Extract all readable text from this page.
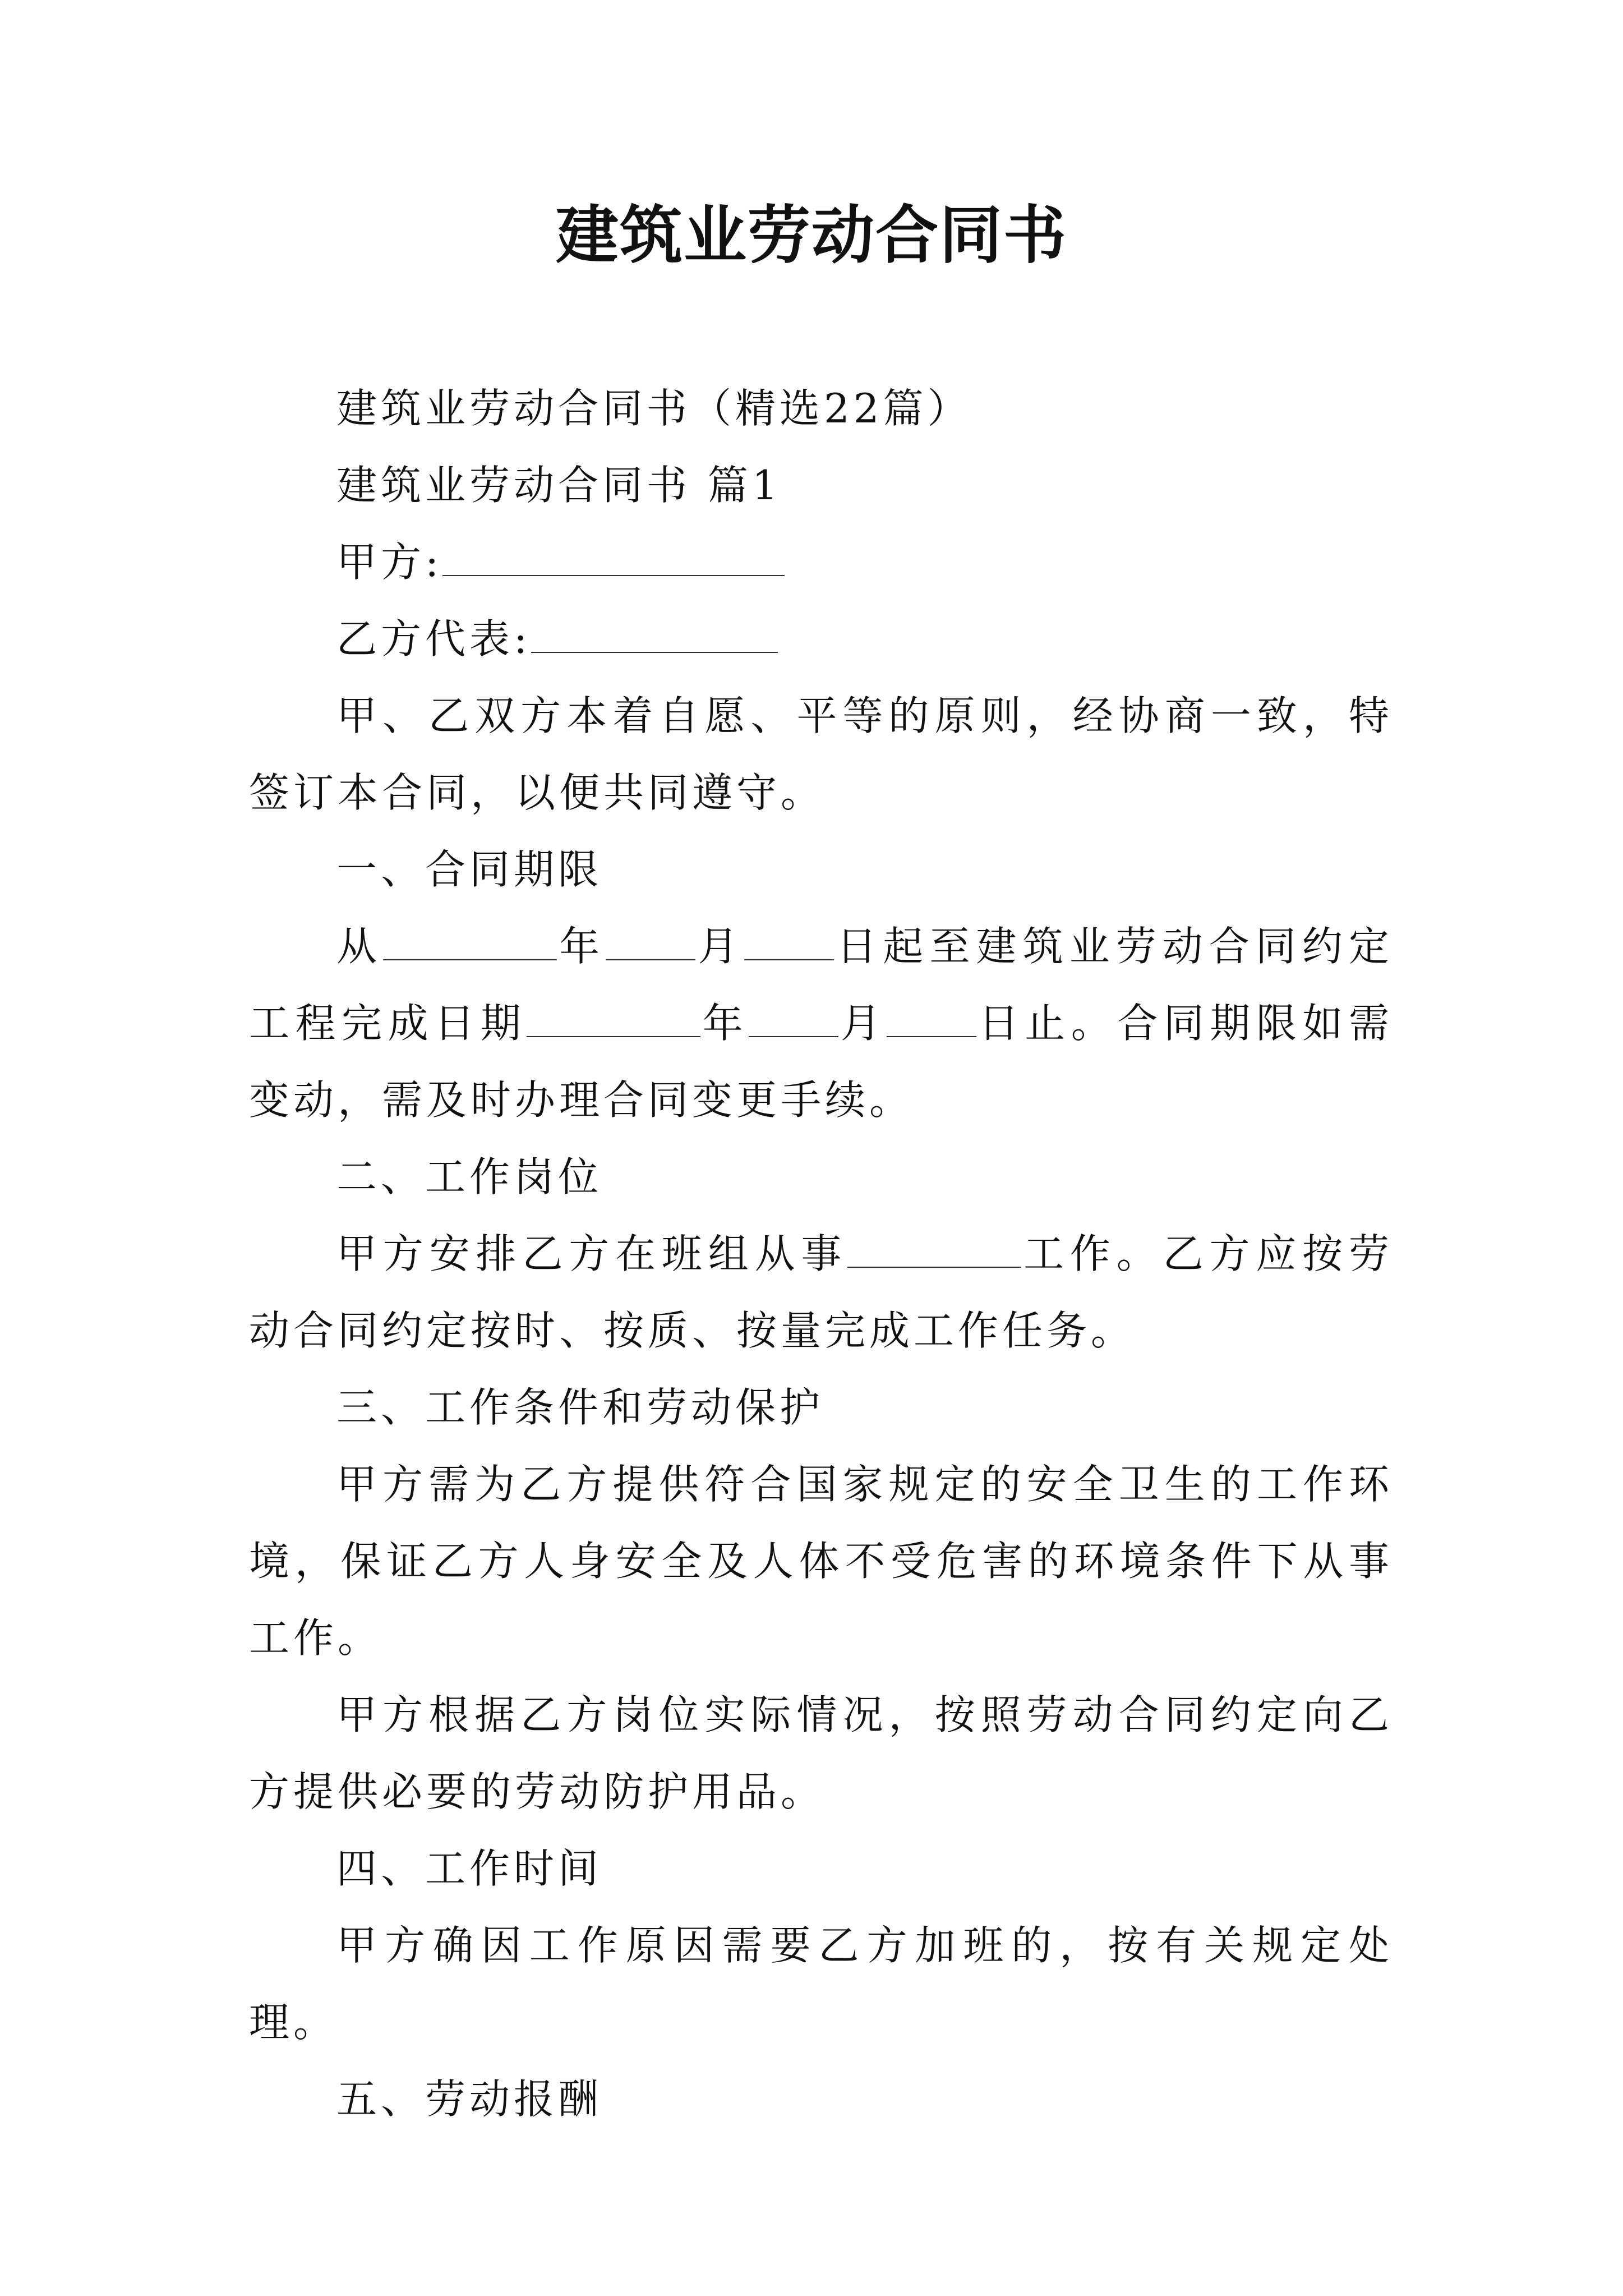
建筑业劳动合同书

建筑业劳动合同书（精选22篇）

建筑业劳动合同书 篇1

甲方:

乙方代表:

甲、乙双方本着自愿、平等的原则，经协商一致，特签订本合同，以便共同遵守。

一、合同期限

从	年 月 日起至建筑业劳动合同约定工程完成日期	年 月 日止。合同期限如需变动，需及时办理合同变更手续。

二、工作岗位

甲方安排乙方在班组从事	工作。乙方应按劳动合同约定按时、按质、按量完成工作任务。

三、工作条件和劳动保护

甲方需为乙方提供符合国家规定的安全卫生的工作环境，保证乙方人身安全及人体不受危害的环境条件下从事工作。

甲方根据乙方岗位实际情况，按照劳动合同约定向乙方提供必要的劳动防护用品。

四、工作时间

甲方确因工作原因需要乙方加班的，按有关规定处理。

五、劳动报酬
